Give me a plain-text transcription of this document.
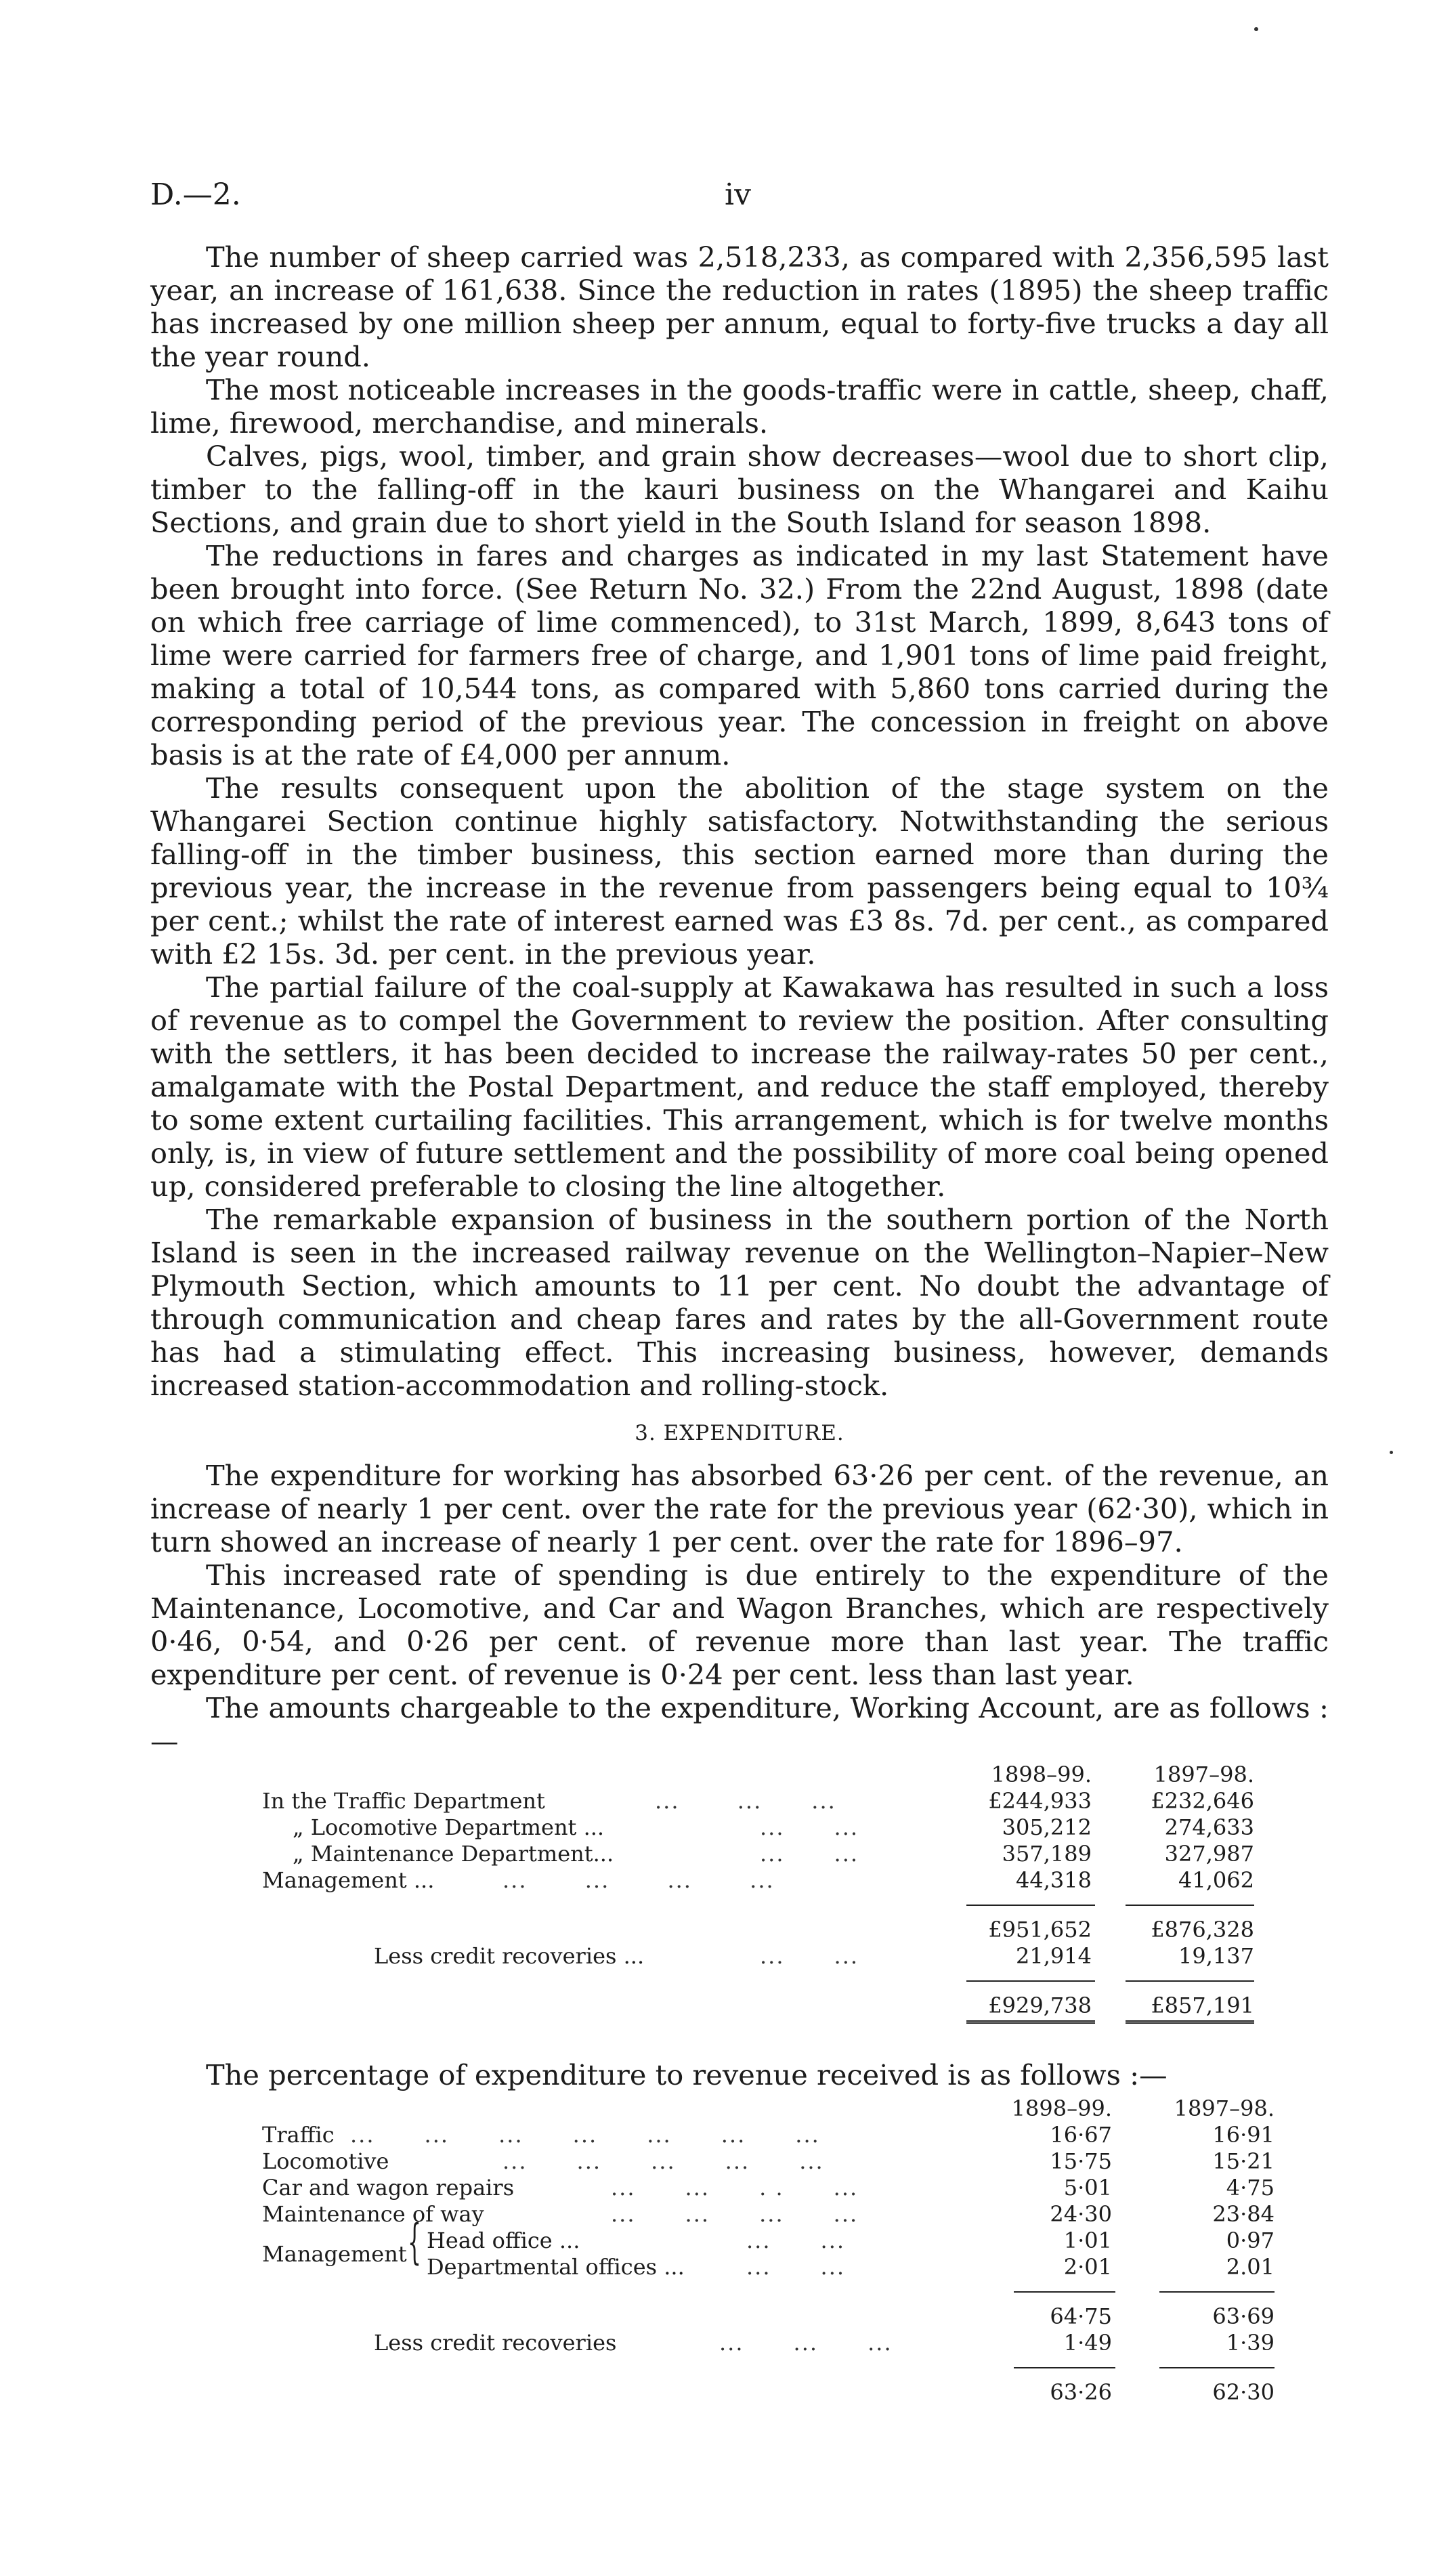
D.—2.	iv

The number of sheep carried was 2,518,233, as compared with 2,356,595 last year, an increase of 161,638. Since the reduction in rates (1895) the sheep traffic has increased by one million sheep per annum, equal to forty-five trucks a day all the year round.

The most noticeable increases in the goods-traffic were in cattle, sheep, chaff, lime, firewood, merchandise, and minerals.

Calves, pigs, wool, timber, and grain show decreases—wool due to short clip, timber to the falling-off in the kauri business on the Whangarei and Kaihu Sections, and grain due to short yield in the South Island for season 1898.

The reductions in fares and charges as indicated in my last Statement have been brought into force. (See Return No. 32.) From the 22nd August, 1898 (date on which free carriage of lime commenced), to 31st March, 1899, 8,643 tons of lime were carried for farmers free of charge, and 1,901 tons of lime paid freight, making a total of 10,544 tons, as compared with 5,860 tons carried during the corresponding period of the previous year. The concession in freight on above basis is at the rate of £4,000 per annum.

The results consequent upon the abolition of the stage system on the Whangarei Section continue highly satisfactory. Notwithstanding the serious falling-off in the timber business, this section earned more than during the previous year, the increase in the revenue from passengers being equal to 10¾ per cent.; whilst the rate of interest earned was £3 8s. 7d. per cent., as compared with £2 15s. 3d. per cent. in the previous year.

The partial failure of the coal-supply at Kawakawa has resulted in such a loss of revenue as to compel the Government to review the position. After consulting with the settlers, it has been decided to increase the railway-rates 50 per cent., amalgamate with the Postal Department, and reduce the staff employed, thereby to some extent curtailing facilities. This arrangement, which is for twelve months only, is, in view of future settlement and the possibility of more coal being opened up, considered preferable to closing the line altogether.

The remarkable expansion of business in the southern portion of the North Island is seen in the increased railway revenue on the Wellington–Napier–New Plymouth Section, which amounts to 11 per cent. No doubt the advantage of through communication and cheap fares and rates by the all-Government route has had a stimulating effect. This increasing business, however, demands increased station-accommodation and rolling-stock.

3. EXPENDITURE.

The expenditure for working has absorbed 63·26 per cent. of the revenue, an increase of nearly 1 per cent. over the rate for the previous year (62·30), which in turn showed an increase of nearly 1 per cent. over the rate for 1896–97.

This increased rate of spending is due entirely to the expenditure of the Maintenance, Locomotive, and Car and Wagon Branches, which are respectively 0·46, 0·54, and 0·26 per cent. of revenue more than last year. The traffic expenditure per cent. of revenue is 0·24 per cent. less than last year.

The amounts chargeable to the expenditure, Working Account, are as follows :—

1898–99.	1897–98.
In the Traffic Department	...       ...      ...	£244,933	£232,646
„ Locomotive Department ...	...      ...	305,212	274,633
„ Maintenance Department...	...      ...	357,189	327,987
Management ...	...       ...       ...       ...	44,318	41,062
£951,652	£876,328
Less credit recoveries ...	...      ...	21,914	19,137
£929,738	£857,191

The percentage of expenditure to revenue received is as follows :—

1898–99.	1897–98.
Traffic ...      ...      ...      ...      ...      ...      ...	16·67	16·91
Locomotive	...      ...      ...      ...      ...	15·75	15·21
Car and wagon repairs	...      ...      . .      ...	5·01	4·75
Maintenance of way	...      ...      ...      ...	24·30	23·84
Management { Head office ...	...      ...	1·01	0·97
Departmental offices ...	...      ...	2·01	2.01
64·75	63·69
Less credit recoveries	...      ...      ...	1·49	1·39
63·26	62·30
